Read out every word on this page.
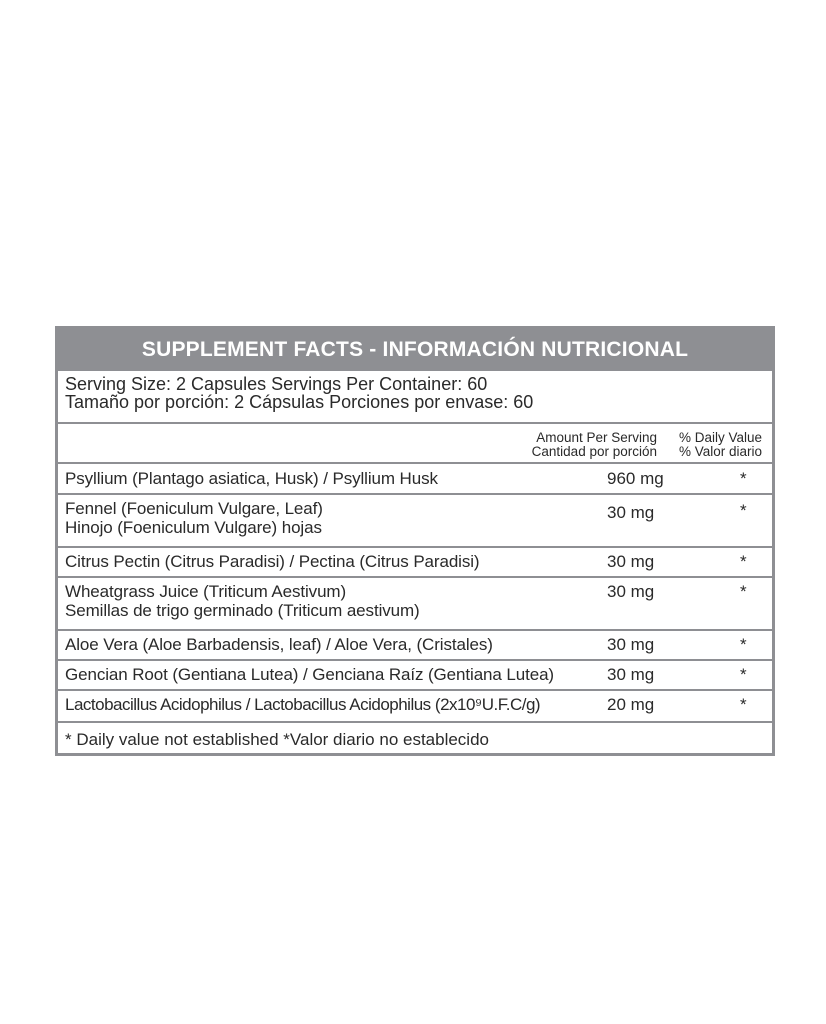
SUPPLEMENT FACTS - INFORMACIÓN NUTRICIONAL
Serving Size: 2 Capsules Servings Per Container: 60
Tamaño por porción: 2 Cápsulas Porciones por envase: 60
Amount Per Serving
Cantidad por porción
% Daily Value
% Valor diario
Psyllium (Plantago asiatica, Husk) / Psyllium Husk	960 mg	*
Fennel (Foeniculum Vulgare, Leaf)
Hinojo (Foeniculum Vulgare) hojas
30 mg	*
Citrus Pectin (Citrus Paradisi) / Pectina (Citrus Paradisi)	30 mg	*
Wheatgrass Juice (Triticum Aestivum)
Semillas de trigo germinado (Triticum aestivum)
30 mg	*
Aloe Vera (Aloe Barbadensis, leaf) / Aloe Vera, (Cristales)	30 mg	*
Gencian Root (Gentiana Lutea) / Genciana Raíz (Gentiana Lutea)	30 mg	*
Lactobacillus Acidophilus / Lactobacillus Acidophilus (2x10⁹U.F.C/g)	20 mg	*
* Daily value not established *Valor diario no establecido
